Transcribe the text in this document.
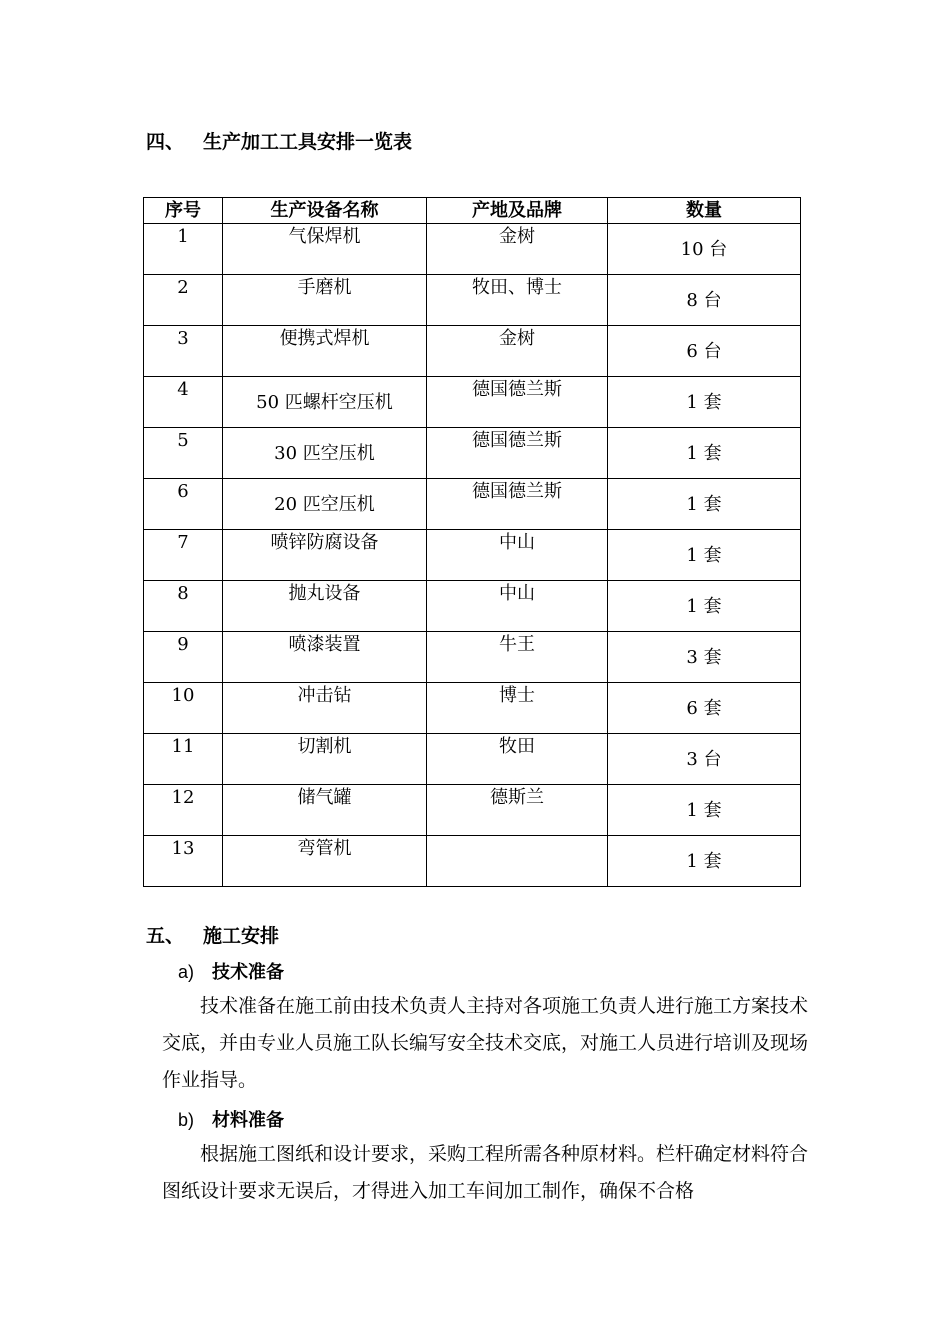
四、 生产加工工具安排一览表
序号	生产设备名称	产地及品牌	数量

1	气保焊机	金树	10 台

2	手磨机	牧田、博士	8 台

3	便携式焊机	金树	6 台

4	50 匹螺杆空压机	德国德兰斯	1 套

5	30 匹空压机	德国德兰斯	1 套

6	20 匹空压机	德国德兰斯	1 套

7	喷锌防腐设备	中山	1 套

8	抛丸设备	中山	1 套

9	喷漆装置	牛王	3 套

10	冲击钻	博士	6 套

11	切割机	牧田	3 台

12	储气罐	德斯兰	1 套

13	弯管机		1 套
五、 施工安排
a) 技术准备
技术准备在施工前由技术负责人主持对各项施工负责人进行施工方案技术交底，并由专业人员施工队长编写安全技术交底，对施工人员进行培训及现场作业指导。
b) 材料准备
根据施工图纸和设计要求，采购工程所需各种原材料。栏杆确定材料符合图纸设计要求无误后，才得进入加工车间加工制作，确保不合格
